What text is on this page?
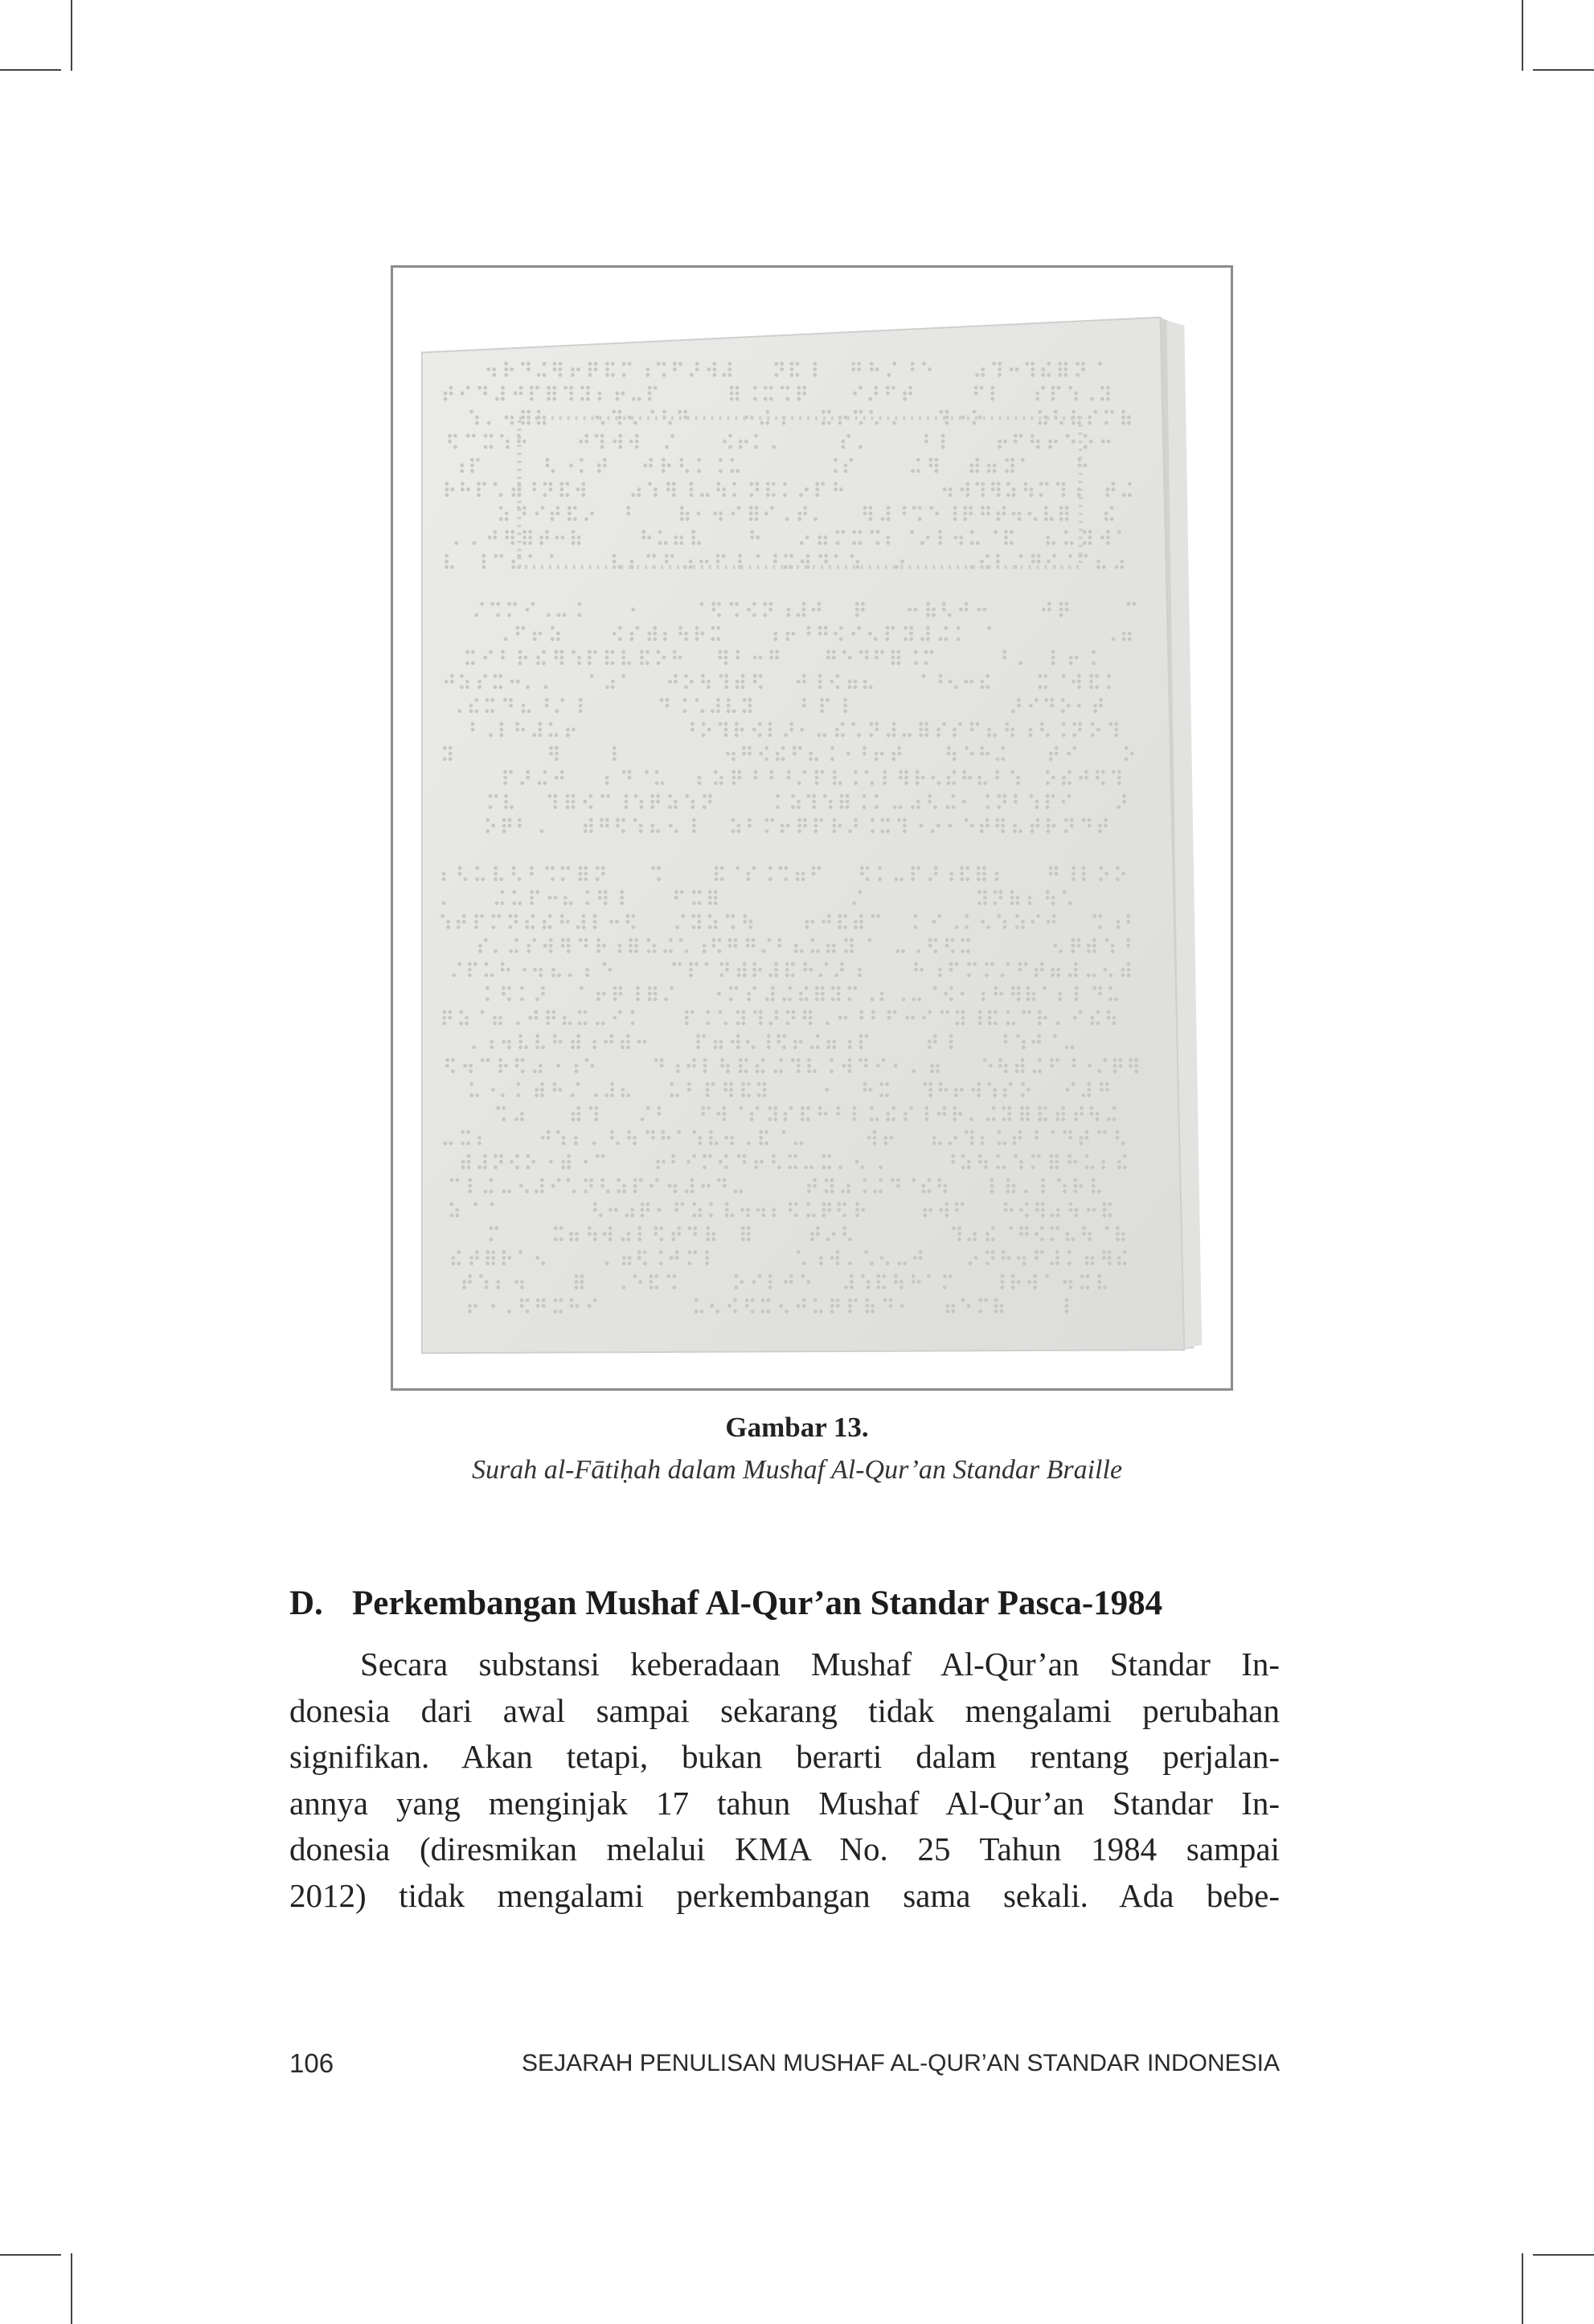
Gambar 13.
Surah al-Fātiḥah dalam Mushaf Al-Qur’an Standar Braille
D. Perkembangan Mushaf Al-Qur’an Standar Pasca-1984

Secara substansi keberadaan Mushaf Al-Qur’an Standar In-
donesia dari awal sampai sekarang tidak mengalami perubahan
signifikan. Akan tetapi, bukan berarti dalam rentang perjalan-
annya yang menginjak 17 tahun Mushaf Al-Qur’an Standar In-
donesia (diresmikan melalui KMA No. 25 Tahun 1984 sampai
2012) tidak mengalami perkembangan sama sekali. Ada bebe-

106	SEJARAH PENULISAN MUSHAF AL-QUR’AN STANDAR INDONESIA
